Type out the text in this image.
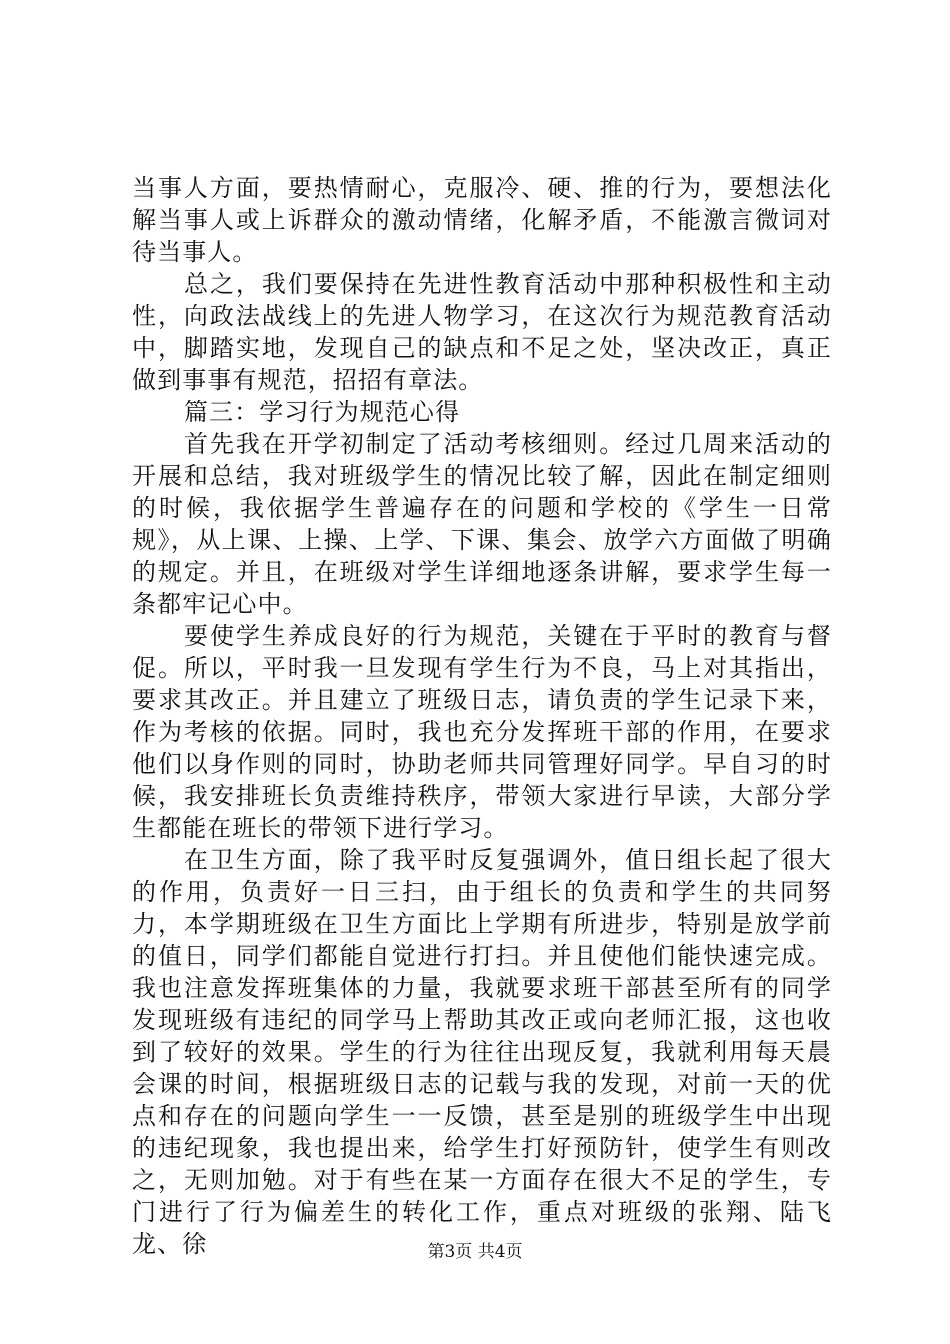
当事人方面，要热情耐心，克服冷、硬、推的行为，要想法化解当事人或上诉群众的激动情绪，化解矛盾，不能激言微词对待当事人。

总之，我们要保持在先进性教育活动中那种积极性和主动性，向政法战线上的先进人物学习，在这次行为规范教育活动中，脚踏实地，发现自己的缺点和不足之处，坚决改正，真正做到事事有规范，招招有章法。

篇三：学习行为规范心得

首先我在开学初制定了活动考核细则。经过几周来活动的开展和总结，我对班级学生的情况比较了解，因此在制定细则的时候，我依据学生普遍存在的问题和学校的《学生一日常规》，从上课、上操、上学、下课、集会、放学六方面做了明确的规定。并且，在班级对学生详细地逐条讲解，要求学生每一条都牢记心中。

要使学生养成良好的行为规范，关键在于平时的教育与督促。所以，平时我一旦发现有学生行为不良，马上对其指出，要求其改正。并且建立了班级日志，请负责的学生记录下来，作为考核的依据。同时，我也充分发挥班干部的作用，在要求他们以身作则的同时，协助老师共同管理好同学。早自习的时候，我安排班长负责维持秩序，带领大家进行早读，大部分学生都能在班长的带领下进行学习。

在卫生方面，除了我平时反复强调外，值日组长起了很大的作用，负责好一日三扫，由于组长的负责和学生的共同努力，本学期班级在卫生方面比上学期有所进步，特别是放学前的值日，同学们都能自觉进行打扫。并且使他们能快速完成。我也注意发挥班集体的力量，我就要求班干部甚至所有的同学发现班级有违纪的同学马上帮助其改正或向老师汇报，这也收到了较好的效果。学生的行为往往出现反复，我就利用每天晨会课的时间，根据班级日志的记载与我的发现，对前一天的优点和存在的问题向学生一一反馈，甚至是别的班级学生中出现的违纪现象，我也提出来，给学生打好预防针，使学生有则改之，无则加勉。对于有些在某一方面存在很大不足的学生，专门进行了行为偏差生的转化工作，重点对班级的张翔、陆飞龙、徐	第3页 共4页
